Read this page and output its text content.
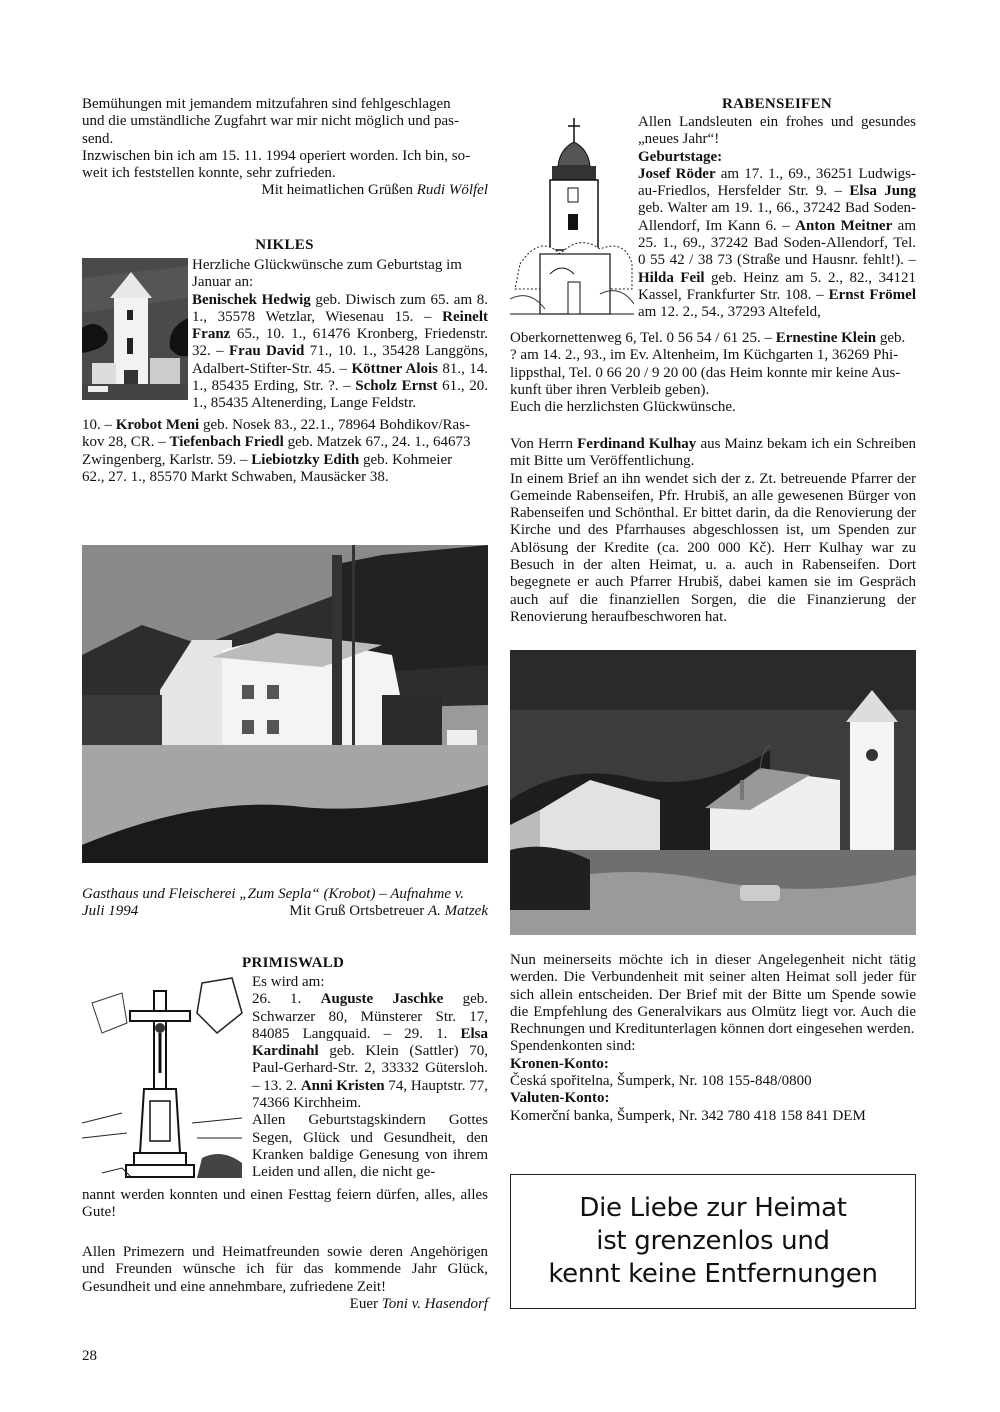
Bemühungen mit jemandem mitzufahren sind fehlgeschlagen

und die umständliche Zugfahrt war mir nicht möglich und pas-

send.

Inzwischen bin ich am 15. 11. 1994 operiert worden. Ich bin, so-

weit ich feststellen konnte, sehr zufrieden.

Mit heimatlichen Grüßen Rudi Wölfel

NIKLES

Herzliche Glückwünsche zum Geburtstag im

Januar an:

Benischek Hedwig geb. Diwisch zum 65. am 8. 1., 35578 Wetzlar, Wiesenau 15. – Reinelt Franz 65., 10. 1., 61476 Kronberg, Friedenstr. 32. – Frau David 71., 10. 1., 35428 Langgöns, Adalbert-Stifter-Str. 45. – Köttner Alois 81., 14. 1., 85435 Erding, Str. ?. – Scholz Ernst 61., 20. 1., 85435 Altenerding, Lange Feldstr.

10. – Krobot Meni geb. Nosek 83., 22.1., 78964 Bohdikov/Ras-

kov 28, CR. – Tiefenbach Friedl geb. Matzek 67., 24. 1., 64673

Zwingenberg, Karlstr. 59. – Liebiotzky Edith geb. Kohmeier

62., 27. 1., 85570 Markt Schwaben, Mausäcker 38.

Gasthaus und Fleischerei „Zum Sepla“ (Krobot) – Aufnahme v.

Juli 1994	Mit Gruß Ortsbetreuer A. Matzek

PRIMISWALD

Es wird am:

26. 1. Auguste Jaschke geb. Schwarzer 80, Münsterer Str. 17, 84085 Langquaid. – 29. 1. Elsa Kardinahl geb. Klein (Sattler) 70, Paul-Gerhard-Str. 2, 33332 Gütersloh. – 13. 2. Anni Kristen 74, Hauptstr. 77, 74366 Kirchheim.

Allen Geburtstagskindern Gottes Segen, Glück und Gesundheit, den Kranken baldige Genesung von ihrem Leiden und allen, die nicht ge-

nannt werden konnten und einen Festtag feiern dürfen, alles, alles Gute!

Allen Primezern und Heimatfreunden sowie deren Angehörigen und Freunden wünsche ich für das kommende Jahr Glück, Gesundheit und eine annehmbare, zufriedene Zeit!

Euer Toni v. Hasendorf

RABENSEIFEN

Allen Landsleuten ein frohes und gesundes „neues Jahr“!

Geburtstage:
Josef Röder am 17. 1., 69., 36251 Ludwigs-au-Friedlos, Hersfelder Str. 9. – Elsa Jung geb. Walter am 19. 1., 66., 37242 Bad Soden-Allendorf, Im Kann 6. – Anton Meitner am 25. 1., 69., 37242 Bad Soden-Allendorf, Tel. 0 55 42 / 38 73 (Straße und Hausnr. fehlt!). – Hilda Feil geb. Heinz am 5. 2., 82., 34121 Kassel, Frankfurter Str. 108. – Ernst Frömel am 12. 2., 54., 37293 Altefeld,

Oberkornettenweg 6, Tel. 0 56 54 / 61 25. – Ernestine Klein geb.

? am 14. 2., 93., im Ev. Altenheim, Im Küchgarten 1, 36269 Phi-

lippsthal, Tel. 0 66 20 / 9 20 00 (das Heim konnte mir keine Aus-

kunft über ihren Verbleib geben).

Euch die herzlichsten Glückwünsche.

Von Herrn Ferdinand Kulhay aus Mainz bekam ich ein Schreiben mit Bitte um Veröffentlichung.

In einem Brief an ihn wendet sich der z. Zt. betreuende Pfarrer der Gemeinde Rabenseifen, Pfr. Hrubiš, an alle gewesenen Bürger von Rabenseifen und Schönthal. Er bittet darin, da die Renovierung der Kirche und des Pfarrhauses abgeschlossen ist, um Spenden zur Ablösung der Kredite (ca. 200 000 Kč). Herr Kulhay war zu Besuch in der alten Heimat, u. a. auch in Rabenseifen. Dort begegnete er auch Pfarrer Hrubiš, dabei kamen sie im Gespräch auch auf die finanziellen Sorgen, die die Finanzierung der Renovierung heraufbeschworen hat.

Nun meinerseits möchte ich in dieser Angelegenheit nicht tätig werden. Die Verbundenheit mit seiner alten Heimat soll jeder für sich allein entscheiden. Der Brief mit der Bitte um Spende sowie die Empfehlung des Generalvikars aus Olmütz liegt vor. Auch die Rechnungen und Kreditunterlagen können dort eingesehen werden.

Spendenkonten sind:

Kronen-Konto:

Česká spořitelna, Šumperk, Nr. 108 155-848/0800

Valuten-Konto:

Komerční banka, Šumperk, Nr. 342 780 418 158 841 DEM

Die Liebe zur Heimat

ist grenzenlos und

kennt keine Entfernungen

28
